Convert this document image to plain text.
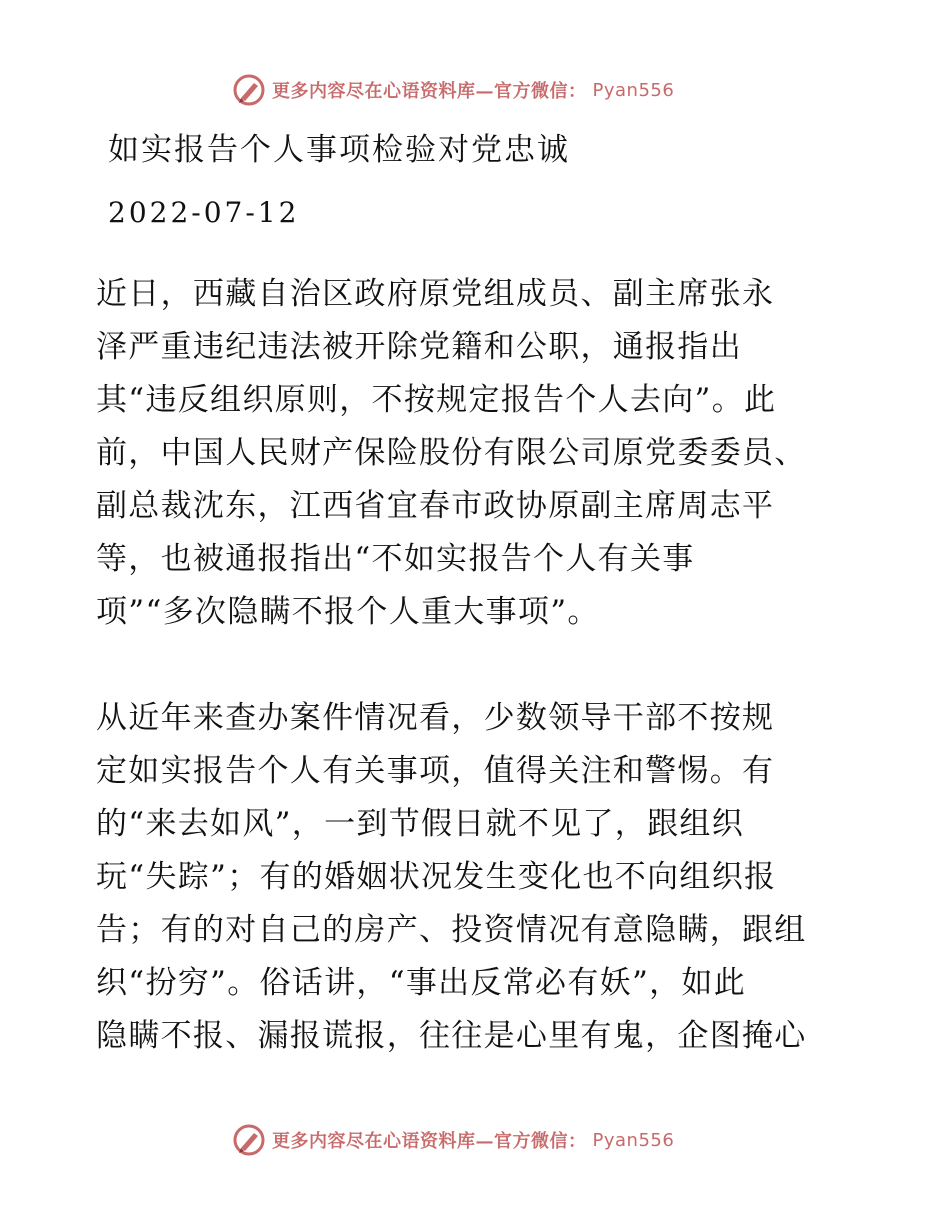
更多内容尽在心语资料库—官方微信： Pyan556
如实报告个人事项检验对党忠诚
2022-07-12
近日，西藏自治区政府原党组成员、副主席张永
泽严重违纪违法被开除党籍和公职，通报指出
其“违反组织原则，不按规定报告个人去向”。此
前，中国人民财产保险股份有限公司原党委委员、
副总裁沈东，江西省宜春市政协原副主席周志平
等，也被通报指出“不如实报告个人有关事
项”“多次隐瞒不报个人重大事项”。
从近年来查办案件情况看，少数领导干部不按规
定如实报告个人有关事项，值得关注和警惕。有
的“来去如风”，一到节假日就不见了，跟组织
玩“失踪”；有的婚姻状况发生变化也不向组织报
告；有的对自己的房产、投资情况有意隐瞒，跟组
织“扮穷”。俗话讲，“事出反常必有妖”，如此
隐瞒不报、漏报谎报，往往是心里有鬼，企图掩心
更多内容尽在心语资料库—官方微信： Pyan556
